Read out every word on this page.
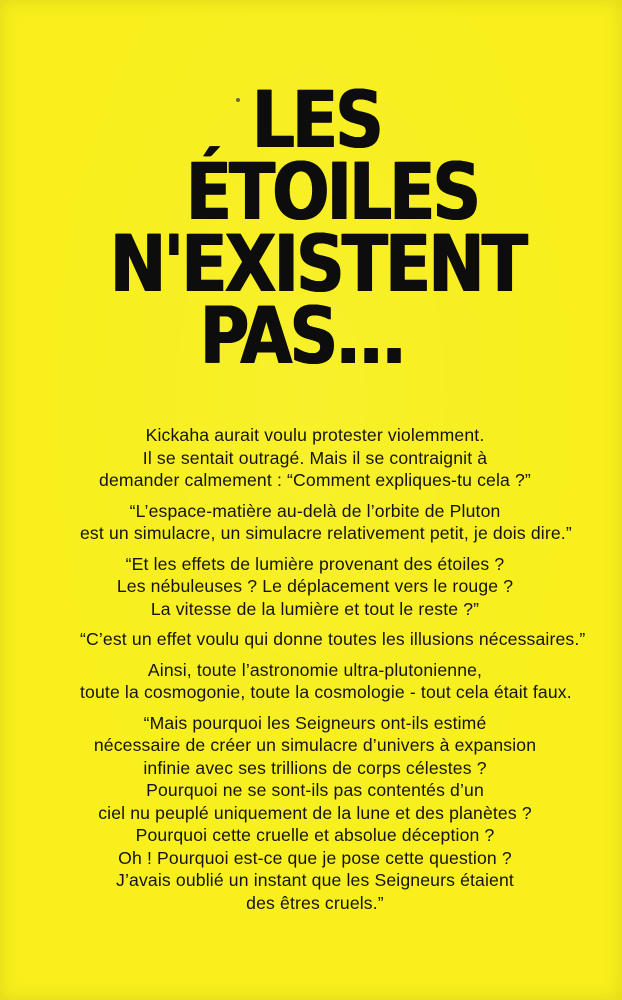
LES
ÉTOILES
N'EXISTENT
PAS...

Kickaha aurait voulu protester violemment.
Il se sentait outragé. Mais il se contraignit à
demander calmement : “Comment expliques-tu cela ?”

“L’espace-matière au-delà de l’orbite de Pluton
est un simulacre, un simulacre relativement petit, je dois dire.”

“Et les effets de lumière provenant des étoiles ?
Les nébuleuses ? Le déplacement vers le rouge ?
La vitesse de la lumière et tout le reste ?”

“C’est un effet voulu qui donne toutes les illusions nécessaires.”

Ainsi, toute l’astronomie ultra-plutonienne,
toute la cosmogonie, toute la cosmologie - tout cela était faux.

“Mais pourquoi les Seigneurs ont-ils estimé
nécessaire de créer un simulacre d’univers à expansion
infinie avec ses trillions de corps célestes ?
Pourquoi ne se sont-ils pas contentés d’un
ciel nu peuplé uniquement de la lune et des planètes ?
Pourquoi cette cruelle et absolue déception ?
Oh ! Pourquoi est-ce que je pose cette question ?
J’avais oublié un instant que les Seigneurs étaient
des êtres cruels.”
